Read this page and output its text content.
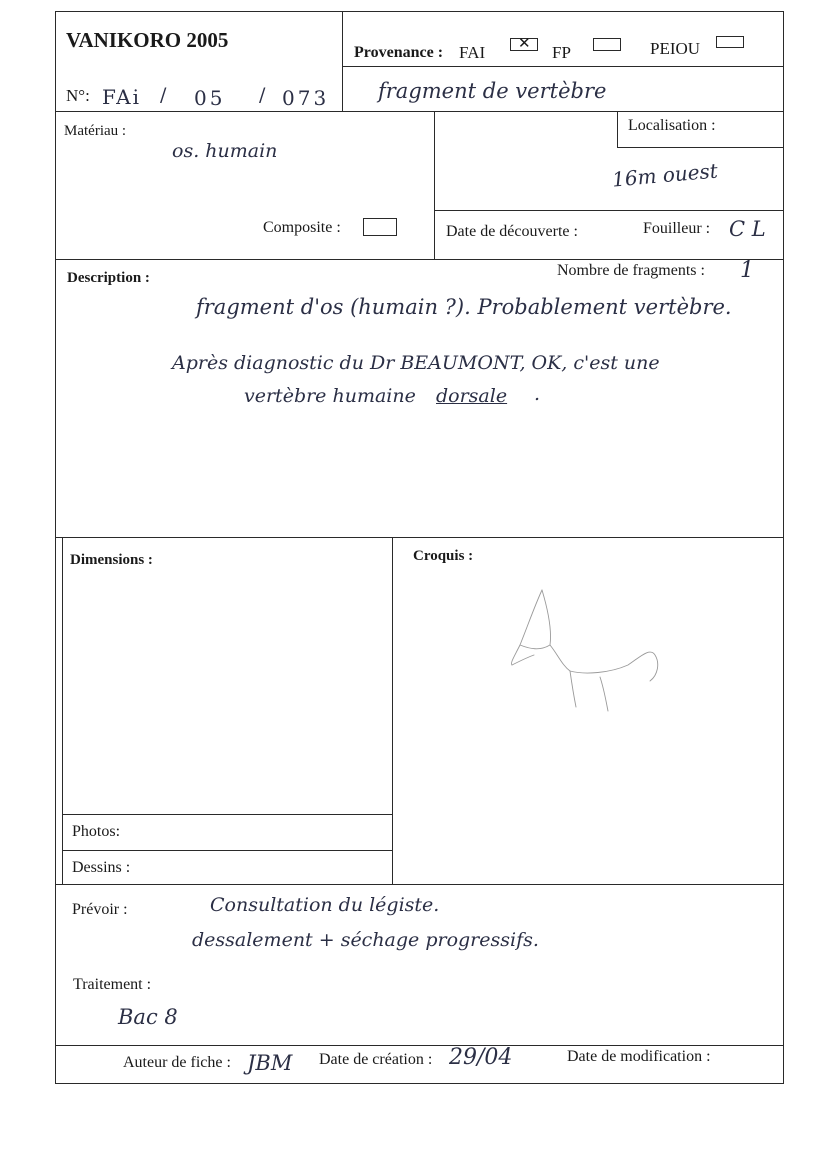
VANIKORO 2005
Provenance : FAI ✕ FP	PEIOU
N°: FAi / 05 / 073 fragment de vertèbre
Matériau :
os. humain
Composite :
Localisation :
16m ouest
Date de découverte :	Fouilleur : C L
Description :	Nombre de fragments : 1
fragment d'os (humain ?). Probablement vertèbre.
Après diagnostic du Dr BEAUMONT, OK, c'est une
vertèbre humaine dorsale .
Dimensions :	Croquis :
Photos:
Dessins :
Prévoir :	Consultation du légiste.
dessalement + séchage progressifs.
Traitement :
Bac 8
Auteur de fiche : JBM Date de création : 29/04	Date de modification :
